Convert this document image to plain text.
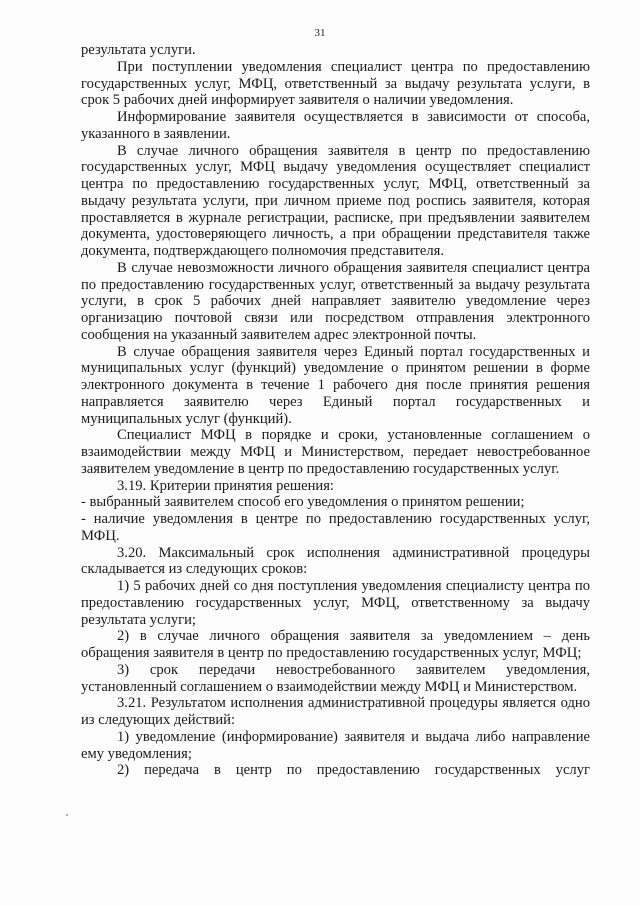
31

результата услуги.

При поступлении уведомления специалист центра по предоставлению государственных услуг, МФЦ, ответственный за выдачу результата услуги, в срок 5 рабочих дней информирует заявителя о наличии уведомления.

Информирование заявителя осуществляется в зависимости от способа, указанного в заявлении.

В случае личного обращения заявителя в центр по предоставлению государственных услуг, МФЦ выдачу уведомления осуществляет специалист центра по предоставлению государственных услуг, МФЦ, ответственный за выдачу результата услуги, при личном приеме под роспись заявителя, которая проставляется в журнале регистрации, расписке, при предъявлении заявителем документа, удостоверяющего личность, а при обращении представителя также документа, подтверждающего полномочия представителя.

В случае невозможности личного обращения заявителя специалист центра по предоставлению государственных услуг, ответственный за выдачу результата услуги, в срок 5 рабочих дней направляет заявителю уведомление через организацию почтовой связи или посредством отправления электронного сообщения на указанный заявителем адрес электронной почты.

В случае обращения заявителя через Единый портал государственных и муниципальных услуг (функций) уведомление о принятом решении в форме электронного документа в течение 1 рабочего дня после принятия решения направляется заявителю через Единый портал государственных и муниципальных услуг (функций).

Специалист МФЦ в порядке и сроки, установленные соглашением о взаимодействии между МФЦ и Министерством, передает невостребованное заявителем уведомление в центр по предоставлению государственных услуг.

3.19. Критерии принятия решения:

- выбранный заявителем способ его уведомления о принятом решении;

- наличие уведомления в центре по предоставлению государственных услуг, МФЦ.

3.20. Максимальный срок исполнения административной процедуры складывается из следующих сроков:

1) 5 рабочих дней со дня поступления уведомления специалисту центра по предоставлению государственных услуг, МФЦ, ответственному за выдачу результата услуги;

2) в случае личного обращения заявителя за уведомлением – день обращения заявителя в центр по предоставлению государственных услуг, МФЦ;

3) срок передачи невостребованного заявителем уведомления, установленный соглашением о взаимодействии между МФЦ и Министерством.

3.21. Результатом исполнения административной процедуры является одно из следующих действий:

1) уведомление (информирование) заявителя и выдача либо направление ему уведомления;

2) передача в центр по предоставлению государственных услуг
